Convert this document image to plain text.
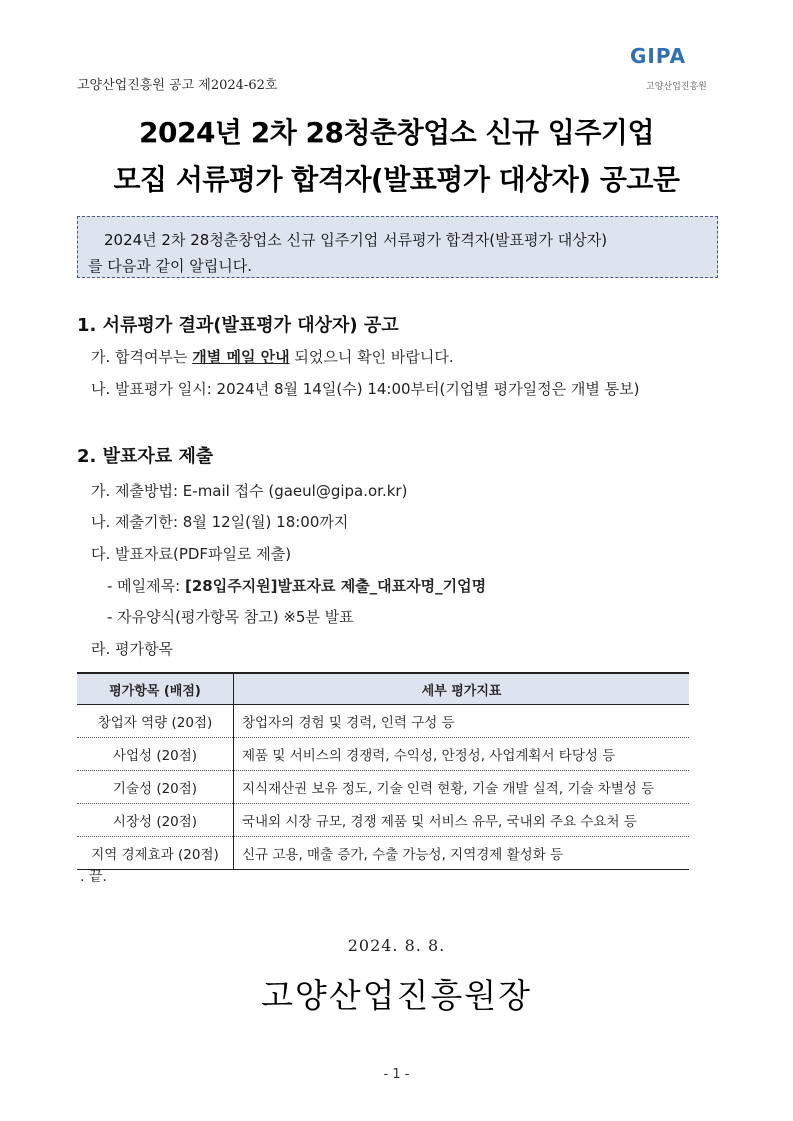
고양산업진흥원 공고 제2024-62호
GIPA
고양산업진흥원
2024년 2차 28청춘창업소 신규 입주기업
모집 서류평가 합격자(발표평가 대상자) 공고문
2024년 2차 28청춘창업소 신규 입주기업 서류평가 합격자(발표평가 대상자)
를 다음과 같이 알립니다.
1. 서류평가 결과(발표평가 대상자) 공고
가. 합격여부는 개별 메일 안내 되었으니 확인 바랍니다.
나. 발표평가 일시: 2024년 8월 14일(수) 14:00부터(기업별 평가일정은 개별 통보)
2. 발표자료 제출
가. 제출방법: E-mail 접수 (gaeul@gipa.or.kr)
나. 제출기한: 8월 12일(월) 18:00까지
다. 발표자료(PDF파일로 제출)
- 메일제목: [28입주지원]발표자료 제출_대표자명_기업명
- 자유양식(평가항목 참고) ※5분 발표
라. 평가항목
평가항목 (배점)	세부 평가지표
창업자 역량 (20점)	창업자의 경험 및 경력, 인력 구성 등
사업성 (20점)	제품 및 서비스의 경쟁력, 수익성, 안정성, 사업계획서 타당성 등
기술성 (20점)	지식재산권 보유 정도, 기술 인력 현황, 기술 개발 실적, 기술 차별성 등
시장성 (20점)	국내외 시장 규모, 경쟁 제품 및 서비스 유무, 국내외 주요 수요처 등
지역 경제효과 (20점)	신규 고용, 매출 증가, 수출 가능성, 지역경제 활성화 등
. 끝.
2024. 8. 8.
고양산업진흥원장
- 1 -
